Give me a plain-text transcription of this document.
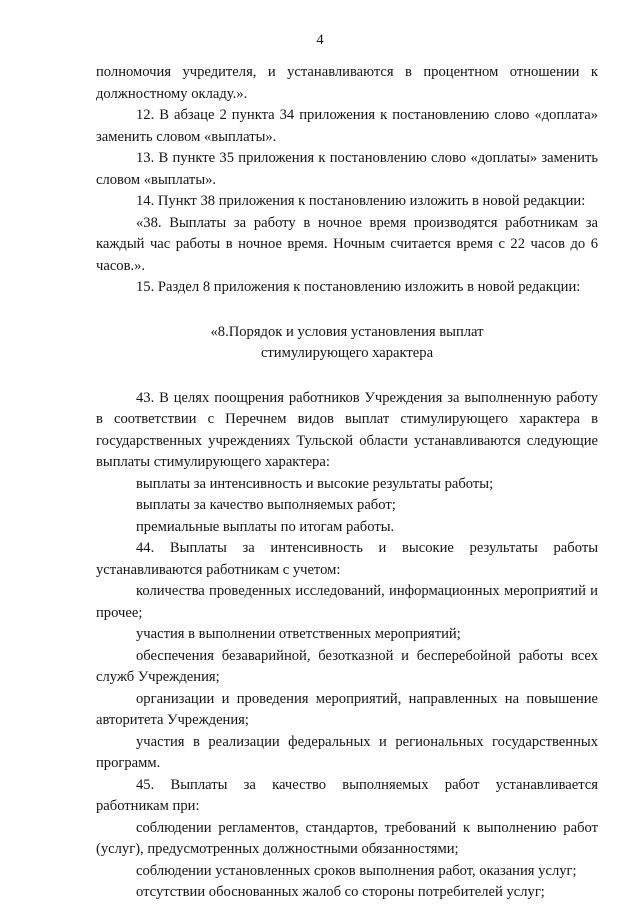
4

полномочия учредителя, и устанавливаются в процентном отношении к должностному окладу.».

12. В абзаце 2 пункта 34 приложения к постановлению слово «доплата» заменить словом «выплаты».

13. В пункте 35 приложения к постановлению слово «доплаты» заменить словом «выплаты».

14. Пункт 38 приложения к постановлению изложить в новой редакции:

«38. Выплаты за работу в ночное время производятся работникам за каждый час работы в ночное время. Ночным считается время с 22 часов до 6 часов.».

15. Раздел 8 приложения к постановлению изложить в новой редакции:

«8.Порядок и условия установления выплат
стимулирующего характера

43. В целях поощрения работников Учреждения за выполненную работу в соответствии с Перечнем видов выплат стимулирующего характера в государственных учреждениях Тульской области устанавливаются следующие выплаты стимулирующего характера:

выплаты за интенсивность и высокие результаты работы;

выплаты за качество выполняемых работ;

премиальные выплаты по итогам работы.

44. Выплаты за интенсивность и высокие результаты работы устанавливаются работникам с учетом:

количества проведенных исследований, информационных мероприятий и прочее;

участия в выполнении ответственных мероприятий;

обеспечения безаварийной, безотказной и бесперебойной работы всех служб Учреждения;

организации и проведения мероприятий, направленных на повышение авторитета Учреждения;

участия в реализации федеральных и региональных государственных программ.

45. Выплаты за качество выполняемых работ устанавливается работникам при:

соблюдении регламентов, стандартов, требований к выполнению работ (услуг), предусмотренных должностными обязанностями;

соблюдении установленных сроков выполнения работ, оказания услуг;

отсутствии обоснованных жалоб со стороны потребителей услуг;
